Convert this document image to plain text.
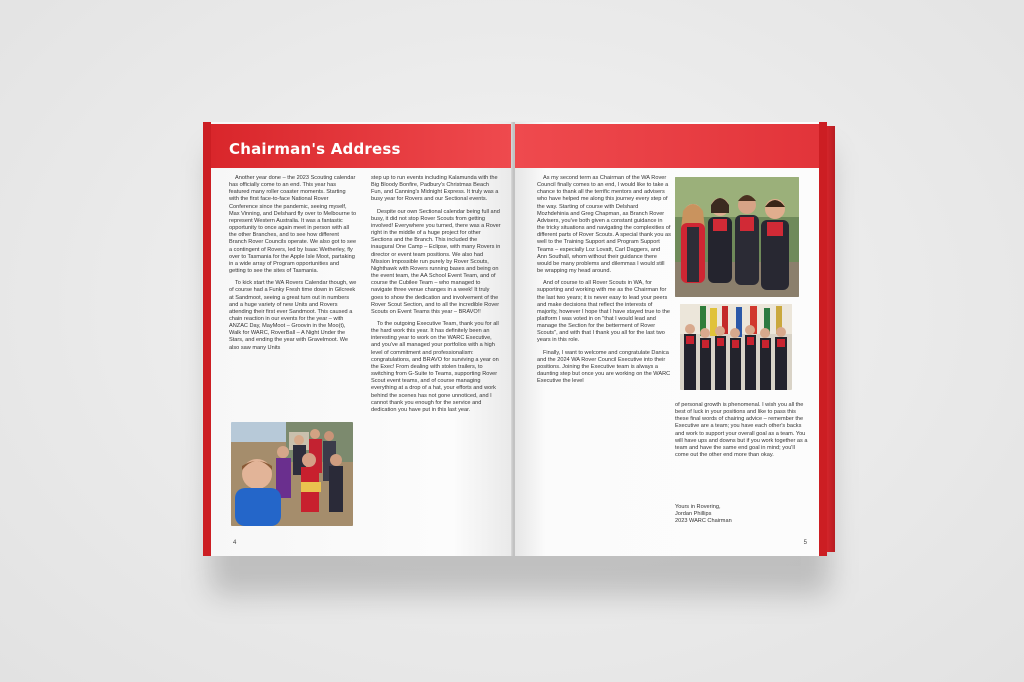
Chairman's Address

Another year done – the 2023 Scouting calendar has officially come to an end. This year has featured many roller coaster moments. Starting with the first face-to-face National Rover Conference since the pandemic, seeing myself, Max Vinning, and Delshard fly over to Melbourne to represent Western Australia. It was a fantastic opportunity to once again meet in person with all the other Branches, and to see how different Branch Rover Councils operate. We also got to see a contingent of Rovers, led by Isaac Wetherley, fly over to Tasmania for the Apple Isle Moot, partaking in a wide array of Program opportunities and getting to see the sites of Tasmania.

To kick start the WA Rovers Calendar though, we of course had a Funky Fresh time down in Gilcreek at Sandmoot, seeing a great turn out in numbers and a huge variety of new Units and Rovers attending their first ever Sandmoot. This caused a chain reaction in our events for the year – with ANZAC Day, MayMoot – Groovin in the Moo(t), Walk for WARC, RoverBall – A Night Under the Stars, and ending the year with Gravelmoot. We also saw many Units

step up to run events including Kalamunda with the Big Bloody Bonfire, Padbury's Christmas Beach Fun, and Canning's Midnight Express. It truly was a busy year for Rovers and our Sectional events.

Despite our own Sectional calendar being full and busy, it did not stop Rover Scouts from getting involved! Everywhere you turned, there was a Rover right in the middle of a huge project for other Sections and the Branch. This included the inaugural One Camp – Eclipse, with many Rovers in director or event team positions. We also had Mission Impossible run purely by Rover Scouts, Nighthawk with Rovers running bases and being on the event team, the AA School Event Team, and of course the Cubilee Team – who managed to navigate three venue changes in a week! It truly goes to show the dedication and involvement of the Rover Scout Section, and to all the incredible Rover Scouts on Event Teams this year – BRAVO!!

To the outgoing Executive Team, thank you for all the hard work this year. It has definitely been an interesting year to work on the WARC Executive, and you've all managed your portfolios with a high level of commitment and professionalism: congratulations, and BRAVO for surviving a year on the Exec! From dealing with stolen trailers, to switching from G-Suite to Teams, supporting Rover Scout event teams, and of course managing everything at a drop of a hat, your efforts and work behind the scenes has not gone unnoticed, and I cannot thank you enough for the service and dedication you have put in this last year.

4

As my second term as Chairman of the WA Rover Council finally comes to an end, I would like to take a chance to thank all the terrific mentors and advisers who have helped me along this journey every step of the way. Starting of course with Delshard Mozhdehinia and Greg Chapman, as Branch Rover Advisers, you've both given a constant guidance in the tricky situations and navigating the complexities of different parts of Rover Scouts. A special thank you as well to the Training Support and Program Support Teams – especially Loz Lovatt, Carl Daggers, and Ann Southall, whom without their guidance there would be many problems and dilemmas I would still be wrapping my head around.

And of course to all Rover Scouts in WA, for supporting and working with me as the Chairman for the last two years; it is never easy to lead your peers and make decisions that reflect the interests of majority, however I hope that I have stayed true to the platform I was voted in on "that I would lead and manage the Section for the betterment of Rover Scouts", and with that I thank you all for the last two years in this role.

Finally, I want to welcome and congratulate Danica and the 2024 WA Rover Council Executive into their positions. Joining the Executive team is always a daunting step but once you are working on the WARC Executive the level

of personal growth is phenomenal. I wish you all the best of luck in your positions and like to pass this these final words of chairing advice – remember the Executive are a team; you have each other's backs and work to support your overall goal as a team. You will have ups and downs but if you work together as a team and have the same end goal in mind; you'll come out the other end more than okay.

Yours in Rovering,
Jordan Phillips
2023 WARC Chairman
5
